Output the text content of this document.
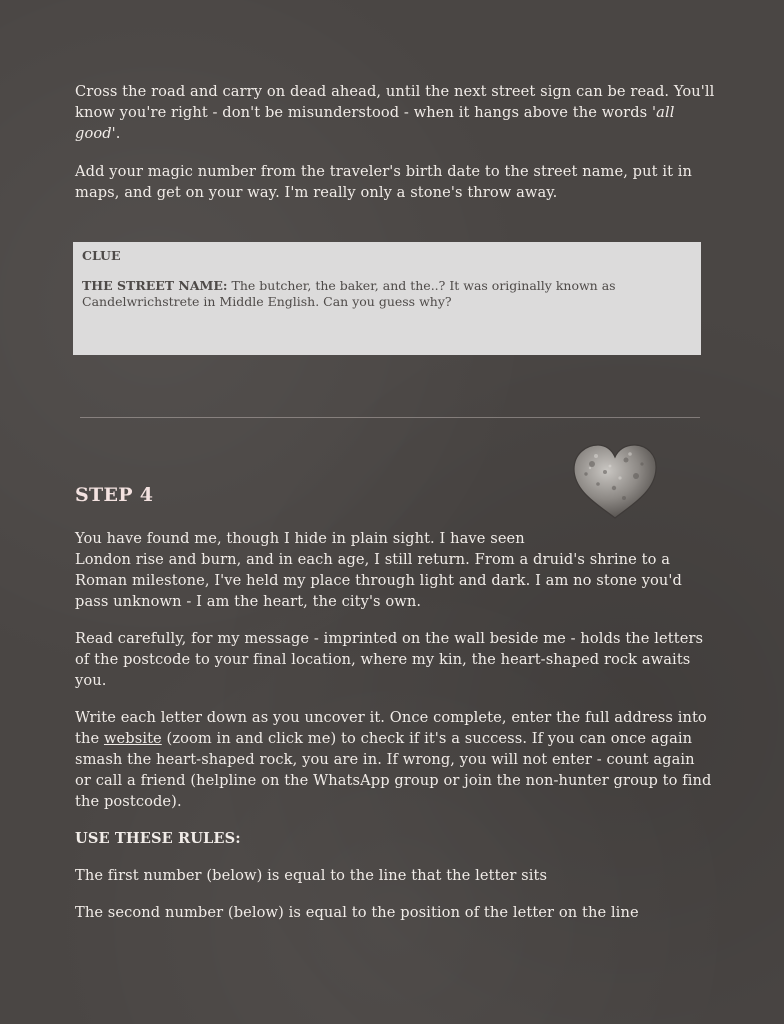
Cross the road and carry on dead ahead, until the next street sign can be read. You'll know you're right - don't be misunderstood - when it hangs above the words 'all good'.

Add your magic number from the traveler's birth date to the street name, put it in maps, and get on your way. I'm really only a stone's throw away.

CLUE

THE STREET NAME: The butcher, the baker, and the..? It was originally known as Candelwrichstrete in Middle English. Can you guess why?

STEP 4

You have found me, though I hide in plain sight. I have seen
London rise and burn, and in each age, I still return. From a druid's shrine to a Roman milestone, I've held my place through light and dark. I am no stone you'd pass unknown - I am the heart, the city's own.

Read carefully, for my message - imprinted on the wall beside me - holds the letters of the postcode to your final location, where my kin, the heart-shaped rock awaits you.

Write each letter down as you uncover it. Once complete, enter the full address into the website (zoom in and click me) to check if it's a success. If you can once again smash the heart-shaped rock, you are in. If wrong, you will not enter - count again or call a friend (helpline on the WhatsApp group or join the non-hunter group to find the postcode).

USE THESE RULES:

The first number (below) is equal to the line that the letter sits

The second number (below) is equal to the position of the letter on the line
